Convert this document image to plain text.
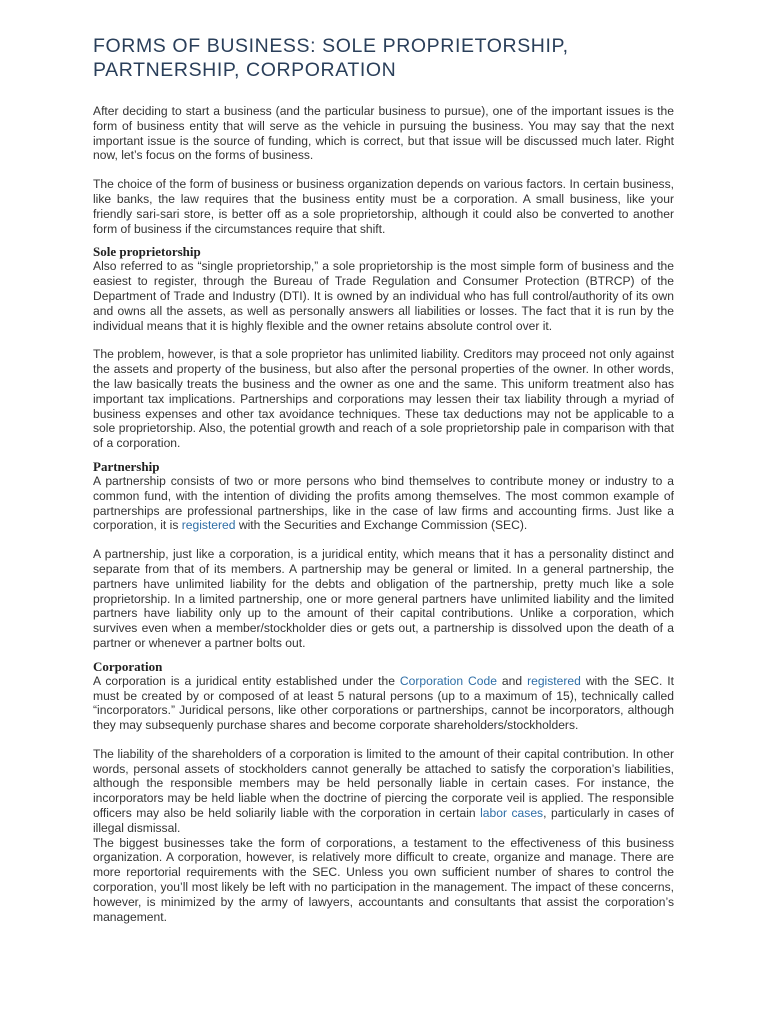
FORMS OF BUSINESS: SOLE PROPRIETORSHIP, PARTNERSHIP, CORPORATION

After deciding to start a business (and the particular business to pursue), one of the important issues is the form of business entity that will serve as the vehicle in pursuing the business. You may say that the next important issue is the source of funding, which is correct, but that issue will be discussed much later. Right now, let’s focus on the forms of business.

The choice of the form of business or business organization depends on various factors. In certain business, like banks, the law requires that the business entity must be a corporation. A small business, like your friendly sari-sari store, is better off as a sole proprietorship, although it could also be converted to another form of business if the circumstances require that shift.

Sole proprietorship

Also referred to as “single proprietorship,” a sole proprietorship is the most simple form of business and the easiest to register, through the Bureau of Trade Regulation and Consumer Protection (BTRCP) of the Department of Trade and Industry (DTI). It is owned by an individual who has full control/authority of its own and owns all the assets, as well as personally answers all liabilities or losses. The fact that it is run by the individual means that it is highly flexible and the owner retains absolute control over it.

The problem, however, is that a sole proprietor has unlimited liability. Creditors may proceed not only against the assets and property of the business, but also after the personal properties of the owner. In other words, the law basically treats the business and the owner as one and the same. This uniform treatment also has important tax implications. Partnerships and corporations may lessen their tax liability through a myriad of business expenses and other tax avoidance techniques. These tax deductions may not be applicable to a sole proprietorship. Also, the potential growth and reach of a sole proprietorship pale in comparison with that of a corporation.

Partnership

A partnership consists of two or more persons who bind themselves to contribute money or industry to a common fund, with the intention of dividing the profits among themselves. The most common example of partnerships are professional partnerships, like in the case of law firms and accounting firms. Just like a corporation, it is registered with the Securities and Exchange Commission (SEC).

A partnership, just like a corporation, is a juridical entity, which means that it has a personality distinct and separate from that of its members. A partnership may be general or limited. In a general partnership, the partners have unlimited liability for the debts and obligation of the partnership, pretty much like a sole proprietorship. In a limited partnership, one or more general partners have unlimited liability and the limited partners have liability only up to the amount of their capital contributions. Unlike a corporation, which survives even when a member/stockholder dies or gets out, a partnership is dissolved upon the death of a partner or whenever a partner bolts out.

Corporation

A corporation is a juridical entity established under the Corporation Code and registered with the SEC. It must be created by or composed of at least 5 natural persons (up to a maximum of 15), technically called “incorporators.” Juridical persons, like other corporations or partnerships, cannot be incorporators, although they may subsequenly purchase shares and become corporate shareholders/stockholders.

The liability of the shareholders of a corporation is limited to the amount of their capital contribution. In other words, personal assets of stockholders cannot generally be attached to satisfy the corporation’s liabilities, although the responsible members may be held personally liable in certain cases. For instance, the incorporators may be held liable when the doctrine of piercing the corporate veil is applied. The responsible officers may also be held soliarily liable with the corporation in certain labor cases, particularly in cases of illegal dismissal.

The biggest businesses take the form of corporations, a testament to the effectiveness of this business organization. A corporation, however, is relatively more difficult to create, organize and manage. There are more reportorial requirements with the SEC. Unless you own sufficient number of shares to control the corporation, you’ll most likely be left with no participation in the management. The impact of these concerns, however, is minimized by the army of lawyers, accountants and consultants that assist the corporation’s management.
